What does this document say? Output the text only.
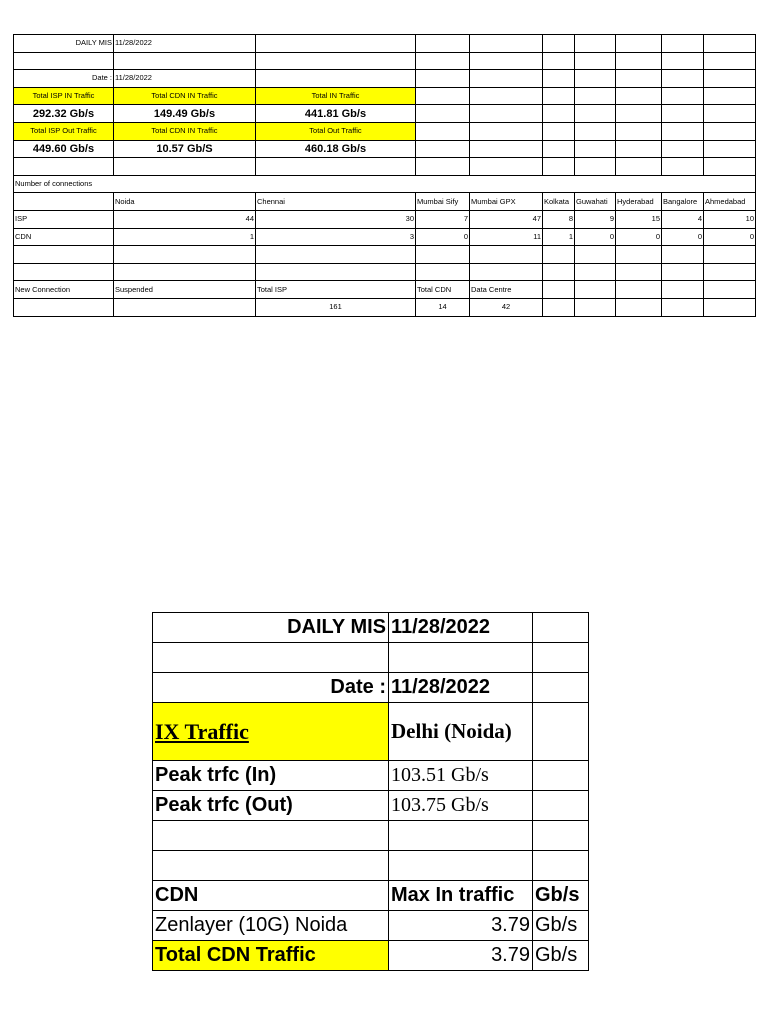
DAILY MIS	11/28/2022								

Date :	11/28/2022								
Total ISP IN Traffic	Total CDN IN Traffic	Total IN Traffic							
292.32 Gb/s	149.49 Gb/s	441.81 Gb/s							
Total ISP Out Traffic	Total CDN IN Traffic	Total Out Traffic							
449.60 Gb/s	10.57 Gb/S	460.18 Gb/s							

Number of connections									
	Noida	Chennai	Mumbai Sify	Mumbai GPX	Kolkata	Guwahati	Hyderabad	Bangalore	Ahmedabad
ISP	44	30	7	47	8	9	15	4	10
CDN	1	3	0	11	1	0	0	0	0

New Connection	Suspended	Total ISP	Total CDN	Data Centre					
		161	14	42					
DAILY MIS	11/28/2022	

Date :	11/28/2022	
IX Traffic	Delhi (Noida)	
Peak trfc (In)	103.51 Gb/s	
Peak trfc (Out)	103.75 Gb/s	

CDN	Max In traffic	Gb/s
Zenlayer (10G) Noida	3.79	Gb/s
Total CDN Traffic	3.79	Gb/s
